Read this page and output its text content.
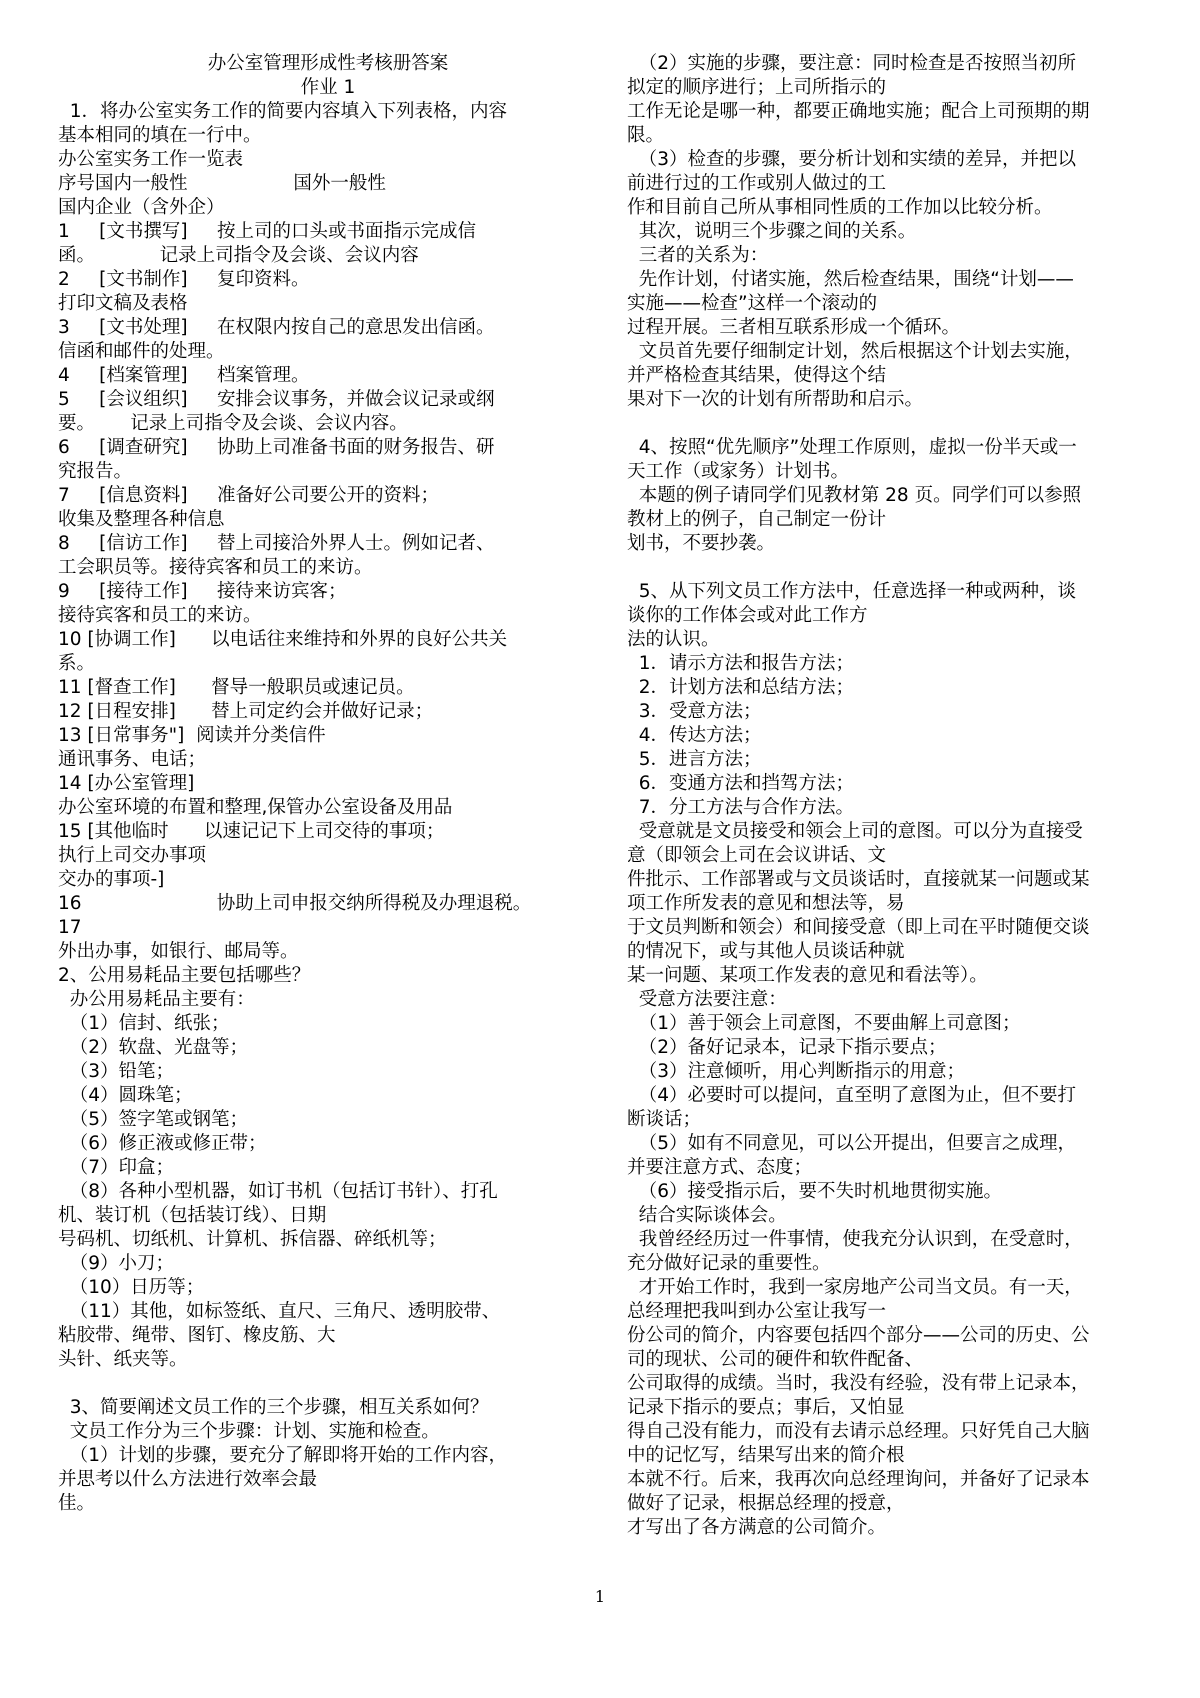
办公室管理形成性考核册答案
作业 1
1．将办公室实务工作的简要内容填入下列表格，内容
基本相同的填在一行中。
办公室实务工作一览表
序号国内一般性                  国外一般性
国内企业（含外企）
1     [文书撰写]     按上司的口头或书面指示完成信
函。           记录上司指令及会谈、会议内容
2     [文书制作]     复印资料。
打印文稿及表格
3     [文书处理]     在权限内按自己的意思发出信函。
信函和邮件的处理。
4     [档案管理]     档案管理。
5     [会议组织]     安排会议事务，并做会议记录或纲
要。      记录上司指令及会谈、会议内容。
6     [调查研究]     协助上司准备书面的财务报告、研
究报告。
7     [信息资料]     准备好公司要公开的资料；
收集及整理各种信息
8     [信访工作]     替上司接洽外界人士。例如记者、
工会职员等。接待宾客和员工的来访。
9     [接待工作]     接待来访宾客；
接待宾客和员工的来访。
10 [协调工作]      以电话往来维持和外界的良好公共关
系。
11 [督查工作]      督导一般职员或速记员。
12 [日程安排]      替上司定约会并做好记录；
13 [日常事务"]  阅读并分类信件
通讯事务、电话；
14 [办公室管理]
办公室环境的布置和整理,保管办公室设备及用品
15 [其他临时      以速记记下上司交待的事项；
执行上司交办事项
交办的事项-]
16                       协助上司申报交纳所得税及办理退税。
17
外出办事，如银行、邮局等。
2、公用易耗品主要包括哪些？
办公用易耗品主要有：
（1）信封、纸张；
（2）软盘、光盘等；
（3）铅笔；
（4）圆珠笔；
（5）签字笔或钢笔；
（6）修正液或修正带；
（7）印盒；
（8）各种小型机器，如订书机（包括订书针）、打孔
机、装订机（包括装订线）、日期
号码机、切纸机、计算机、拆信器、碎纸机等；
（9）小刀；
（10）日历等；
（11）其他，如标签纸、直尺、三角尺、透明胶带、
粘胶带、绳带、图钉、橡皮筋、大
头针、纸夹等。
3、简要阐述文员工作的三个步骤，相互关系如何？
文员工作分为三个步骤：计划、实施和检查。
（1）计划的步骤，要充分了解即将开始的工作内容，
并思考以什么方法进行效率会最
佳。
（2）实施的步骤，要注意：同时检查是否按照当初所
拟定的顺序进行；上司所指示的
工作无论是哪一种，都要正确地实施；配合上司预期的期
限。
（3）检查的步骤，要分析计划和实绩的差异，并把以
前进行过的工作或别人做过的工
作和目前自己所从事相同性质的工作加以比较分析。
其次，说明三个步骤之间的关系。
三者的关系为：
先作计划，付诸实施，然后检查结果，围绕“计划——
实施——检查”这样一个滚动的
过程开展。三者相互联系形成一个循环。
文员首先要仔细制定计划，然后根据这个计划去实施，
并严格检查其结果，使得这个结
果对下一次的计划有所帮助和启示。
4、按照“优先顺序”处理工作原则，虚拟一份半天或一
天工作（或家务）计划书。
本题的例子请同学们见教材第 28 页。同学们可以参照
教材上的例子，自己制定一份计
划书，不要抄袭。
5、从下列文员工作方法中，任意选择一种或两种，谈
谈你的工作体会或对此工作方
法的认识。
1．请示方法和报告方法；
2．计划方法和总结方法；
3．受意方法；
4．传达方法；
5．进言方法；
6．变通方法和挡驾方法；
7．分工方法与合作方法。
受意就是文员接受和领会上司的意图。可以分为直接受
意（即领会上司在会议讲话、文
件批示、工作部署或与文员谈话时，直接就某一问题或某
项工作所发表的意见和想法等，易
于文员判断和领会）和间接受意（即上司在平时随便交谈
的情况下，或与其他人员谈话种就
某一问题、某项工作发表的意见和看法等）。
受意方法要注意：
（1）善于领会上司意图，不要曲解上司意图；
（2）备好记录本，记录下指示要点；
（3）注意倾听，用心判断指示的用意；
（4）必要时可以提问，直至明了意图为止，但不要打
断谈话；
（5）如有不同意见，可以公开提出，但要言之成理，
并要注意方式、态度；
（6）接受指示后，要不失时机地贯彻实施。
结合实际谈体会。
我曾经经历过一件事情，使我充分认识到，在受意时，
充分做好记录的重要性。
才开始工作时，我到一家房地产公司当文员。有一天，
总经理把我叫到办公室让我写一
份公司的简介，内容要包括四个部分——公司的历史、公
司的现状、公司的硬件和软件配备、
公司取得的成绩。当时，我没有经验，没有带上记录本，
记录下指示的要点；事后，又怕显
得自己没有能力，而没有去请示总经理。只好凭自己大脑
中的记忆写，结果写出来的简介根
本就不行。后来，我再次向总经理询问，并备好了记录本
做好了记录，根据总经理的授意，
才写出了各方满意的公司简介。
1
